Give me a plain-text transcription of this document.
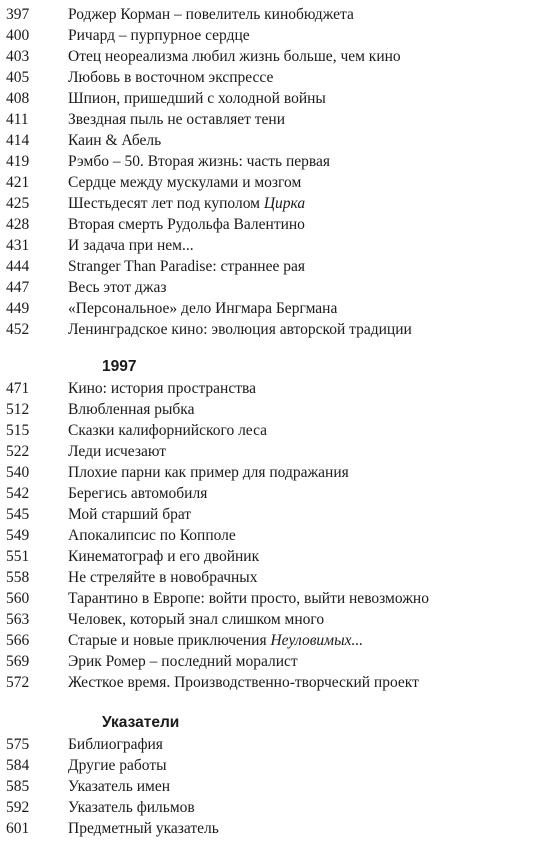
397	Роджер Корман – повелитель кинобюджета
400	Ричард – пурпурное сердце
403	Отец неореализма любил жизнь больше, чем кино
405	Любовь в восточном экспрессе
408	Шпион, пришедший с холодной войны
411	Звездная пыль не оставляет тени
414	Каин & Абель
419	Рэмбо – 50. Вторая жизнь: часть первая
421	Сердце между мускулами и мозгом
425	Шестьдесят лет под куполом Цирка
428	Вторая смерть Рудольфа Валентино
431	И задача при нем...
444	Stranger Than Paradise: страннее рая
447	Весь этот джаз
449	«Персональное» дело Ингмара Бергмана
452	Ленинградское кино: эволюция авторской традиции
1997
471	Кино: история пространства
512	Влюбленная рыбка
515	Сказки калифорнийского леса
522	Леди исчезают
540	Плохие парни как пример для подражания
542	Берегись автомобиля
545	Мой старший брат
549	Апокалипсис по Копполе
551	Кинематограф и его двойник
558	Не стреляйте в новобрачных
560	Тарантино в Европе: войти просто, выйти невозможно
563	Человек, который знал слишком много
566	Старые и новые приключения Неуловимых...
569	Эрик Ромер – последний моралист
572	Жесткое время. Производственно-творческий проект
Указатели
575	Библиография
584	Другие работы
585	Указатель имен
592	Указатель фильмов
601	Предметный указатель
